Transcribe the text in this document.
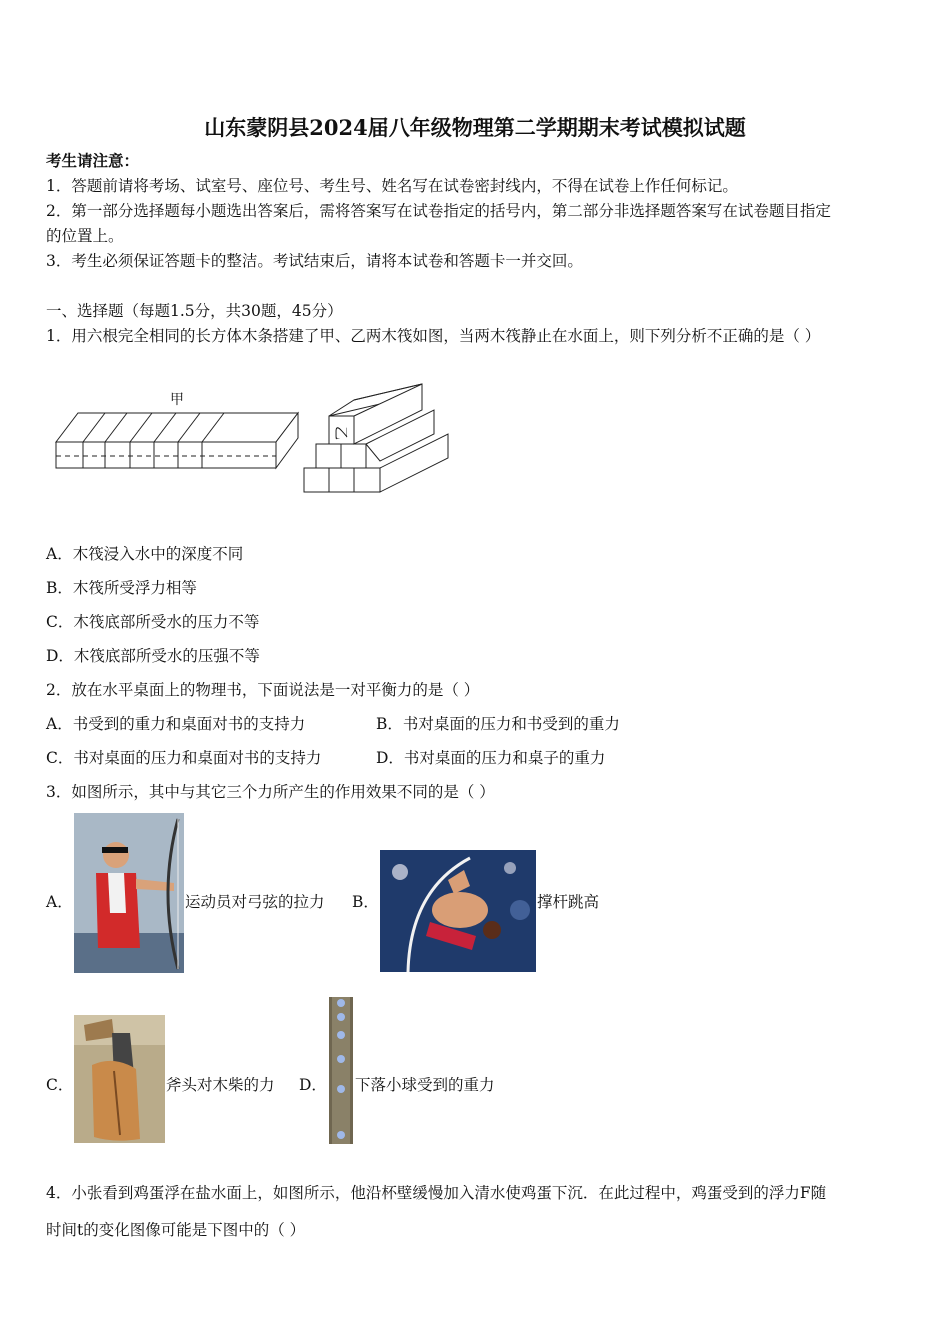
山东蒙阴县2024届八年级物理第二学期期末考试模拟试题
考生请注意：
1．答题前请将考场、试室号、座位号、考生号、姓名写在试卷密封线内，不得在试卷上作任何标记。
2．第一部分选择题每小题选出答案后，需将答案写在试卷指定的括号内，第二部分非选择题答案写在试卷题目指定
的位置上。
3．考生必须保证答题卡的整洁。考试结束后，请将本试卷和答题卡一并交回。
一、选择题（每题1.5分，共30题，45分）
1．用六根完全相同的长方体木条搭建了甲、乙两木筏如图，当两木筏静止在水面上，则下列分析不正确的是（ ）
甲
乙
A．木筏浸入水中的深度不同
B．木筏所受浮力相等
C．木筏底部所受水的压力不等
D．木筏底部所受水的压强不等
2．放在水平桌面上的物理书，下面说法是一对平衡力的是（ ）
A．书受到的重力和桌面对书的支持力	B．书对桌面的压力和书受到的重力
C．书对桌面的压力和桌面对书的支持力	D．书对桌面的压力和桌子的重力
3．如图所示，其中与其它三个力所产生的作用效果不同的是（ ）
A．	运动员对弓弦的拉力 B．	撑杆跳高
C．	斧头对木柴的力 D． 下落小球受到的重力
4．小张看到鸡蛋浮在盐水面上，如图所示，他沿杯壁缓慢加入清水使鸡蛋下沉．在此过程中，鸡蛋受到的浮力F随
时间t的变化图像可能是下图中的（ ）
